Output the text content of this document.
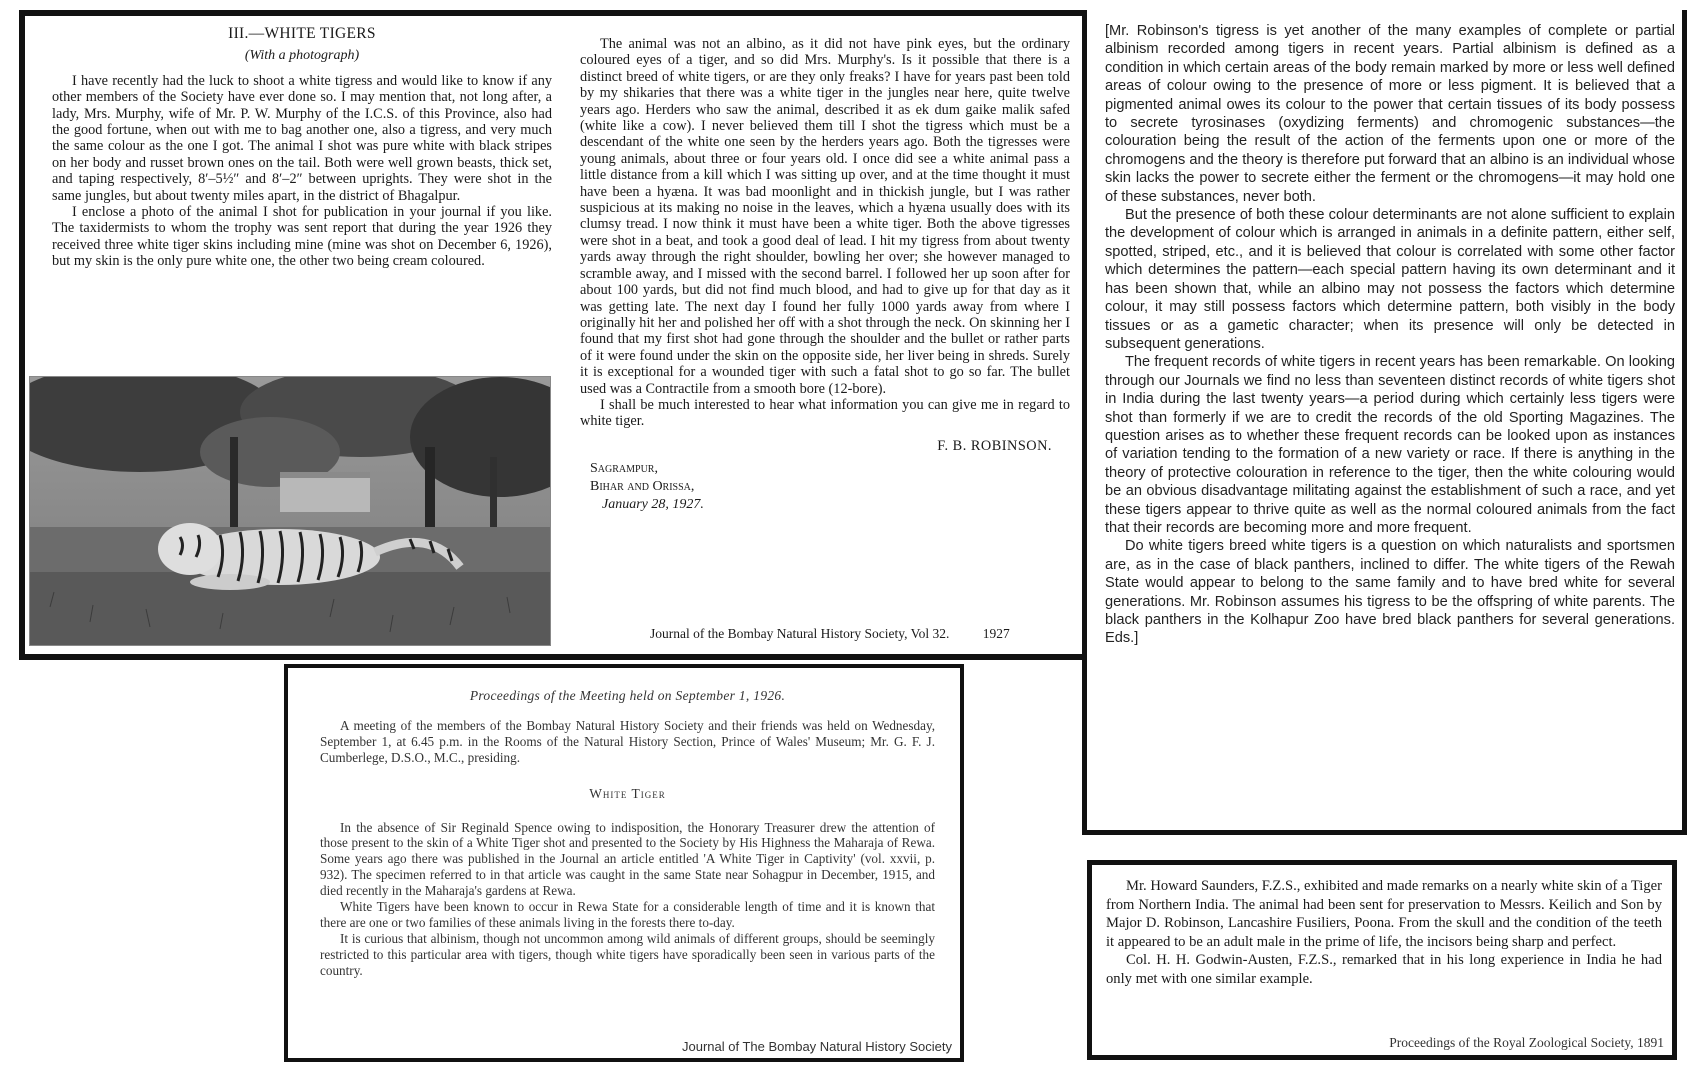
III.—WHITE TIGERS
(With a photograph)

I have recently had the luck to shoot a white tigress and would like to know if any other members of the Society have ever done so. I may mention that, not long after, a lady, Mrs. Murphy, wife of Mr. P. W. Murphy of the I.C.S. of this Province, also had the good fortune, when out with me to bag another one, also a tigress, and very much the same colour as the one I got. The animal I shot was pure white with black stripes on her body and russet brown ones on the tail. Both were well grown beasts, thick set, and taping respectively, 8′–5½″ and 8′–2″ between uprights. They were shot in the same jungles, but about twenty miles apart, in the district of Bhagalpur.

I enclose a photo of the animal I shot for publication in your journal if you like. The taxidermists to whom the trophy was sent report that during the year 1926 they received three white tiger skins including mine (mine was shot on December 6, 1926), but my skin is the only pure white one, the other two being cream coloured.

The animal was not an albino, as it did not have pink eyes, but the ordinary coloured eyes of a tiger, and so did Mrs. Murphy's. Is it possible that there is a distinct breed of white tigers, or are they only freaks? I have for years past been told by my shikaries that there was a white tiger in the jungles near here, quite twelve years ago. Herders who saw the animal, described it as ek dum gaike malik safed (white like a cow). I never believed them till I shot the tigress which must be a descendant of the white one seen by the herders years ago. Both the tigresses were young animals, about three or four years old. I once did see a white animal pass a little distance from a kill which I was sitting up over, and at the time thought it must have been a hyæna. It was bad moonlight and in thickish jungle, but I was rather suspicious at its making no noise in the leaves, which a hyæna usually does with its clumsy tread. I now think it must have been a white tiger. Both the above tigresses were shot in a beat, and took a good deal of lead. I hit my tigress from about twenty yards away through the right shoulder, bowling her over; she however managed to scramble away, and I missed with the second barrel. I followed her up soon after for about 100 yards, but did not find much blood, and had to give up for that day as it was getting late. The next day I found her fully 1000 yards away from where I originally hit her and polished her off with a shot through the neck. On skinning her I found that my first shot had gone through the shoulder and the bullet or rather parts of it were found under the skin on the opposite side, her liver being in shreds. Surely it is exceptional for a wounded tiger with such a fatal shot to go so far. The bullet used was a Contractile from a smooth bore (12-bore).

I shall be much interested to hear what information you can give me in regard to white tiger.

F. B. ROBINSON.
Sagrampur,
Bihar and Orissa,
January 28, 1927.
Journal of the Bombay Natural History Society, Vol 32. 1927

[Mr. Robinson's tigress is yet another of the many examples of complete or partial albinism recorded among tigers in recent years. Partial albinism is defined as a condition in which certain areas of the body remain marked by more or less well defined areas of colour owing to the presence of more or less pigment. It is believed that a pigmented animal owes its colour to the power that certain tissues of its body possess to secrete tyrosinases (oxydizing ferments) and chromogenic substances—the colouration being the result of the action of the ferments upon one or more of the chromogens and the theory is therefore put forward that an albino is an individual whose skin lacks the power to secrete either the ferment or the chromogens—it may hold one of these substances, never both.

But the presence of both these colour determinants are not alone sufficient to explain the development of colour which is arranged in animals in a definite pattern, either self, spotted, striped, etc., and it is believed that colour is correlated with some other factor which determines the pattern—each special pattern having its own determinant and it has been shown that, while an albino may not possess the factors which determine colour, it may still possess factors which determine pattern, both visibly in the body tissues or as a gametic character; when its presence will only be detected in subsequent generations.

The frequent records of white tigers in recent years has been remarkable. On looking through our Journals we find no less than seventeen distinct records of white tigers shot in India during the last twenty years—a period during which certainly less tigers were shot than formerly if we are to credit the records of the old Sporting Magazines. The question arises as to whether these frequent records can be looked upon as instances of variation tending to the formation of a new variety or race. If there is anything in the theory of protective colouration in reference to the tiger, then the white colouring would be an obvious disadvantage militating against the establishment of such a race, and yet these tigers appear to thrive quite as well as the normal coloured animals from the fact that their records are becoming more and more frequent.

Do white tigers breed white tigers is a question on which naturalists and sportsmen are, as in the case of black panthers, inclined to differ. The white tigers of the Rewah State would appear to belong to the same family and to have bred white for several generations. Mr. Robinson assumes his tigress to be the offspring of white parents. The black panthers in the Kolhapur Zoo have bred black panthers for several generations. Eds.]

Proceedings of the Meeting held on September 1, 1926.

A meeting of the members of the Bombay Natural History Society and their friends was held on Wednesday, September 1, at 6.45 p.m. in the Rooms of the Natural History Section, Prince of Wales' Museum; Mr. G. F. J. Cumberlege, D.S.O., M.C., presiding.

White Tiger

In the absence of Sir Reginald Spence owing to indisposition, the Honorary Treasurer drew the attention of those present to the skin of a White Tiger shot and presented to the Society by His Highness the Maharaja of Rewa. Some years ago there was published in the Journal an article entitled 'A White Tiger in Captivity' (vol. xxvii, p. 932). The specimen referred to in that article was caught in the same State near Sohagpur in December, 1915, and died recently in the Maharaja's gardens at Rewa.

White Tigers have been known to occur in Rewa State for a considerable length of time and it is known that there are one or two families of these animals living in the forests there to-day.

It is curious that albinism, though not uncommon among wild animals of different groups, should be seemingly restricted to this particular area with tigers, though white tigers have sporadically been seen in various parts of the country.

Journal of The Bombay Natural History Society

Mr. Howard Saunders, F.Z.S., exhibited and made remarks on a nearly white skin of a Tiger from Northern India. The animal had been sent for preservation to Messrs. Keilich and Son by Major D. Robinson, Lancashire Fusiliers, Poona. From the skull and the condition of the teeth it appeared to be an adult male in the prime of life, the incisors being sharp and perfect.

Col. H. H. Godwin-Austen, F.Z.S., remarked that in his long experience in India he had only met with one similar example.

Proceedings of the Royal Zoological Society, 1891
